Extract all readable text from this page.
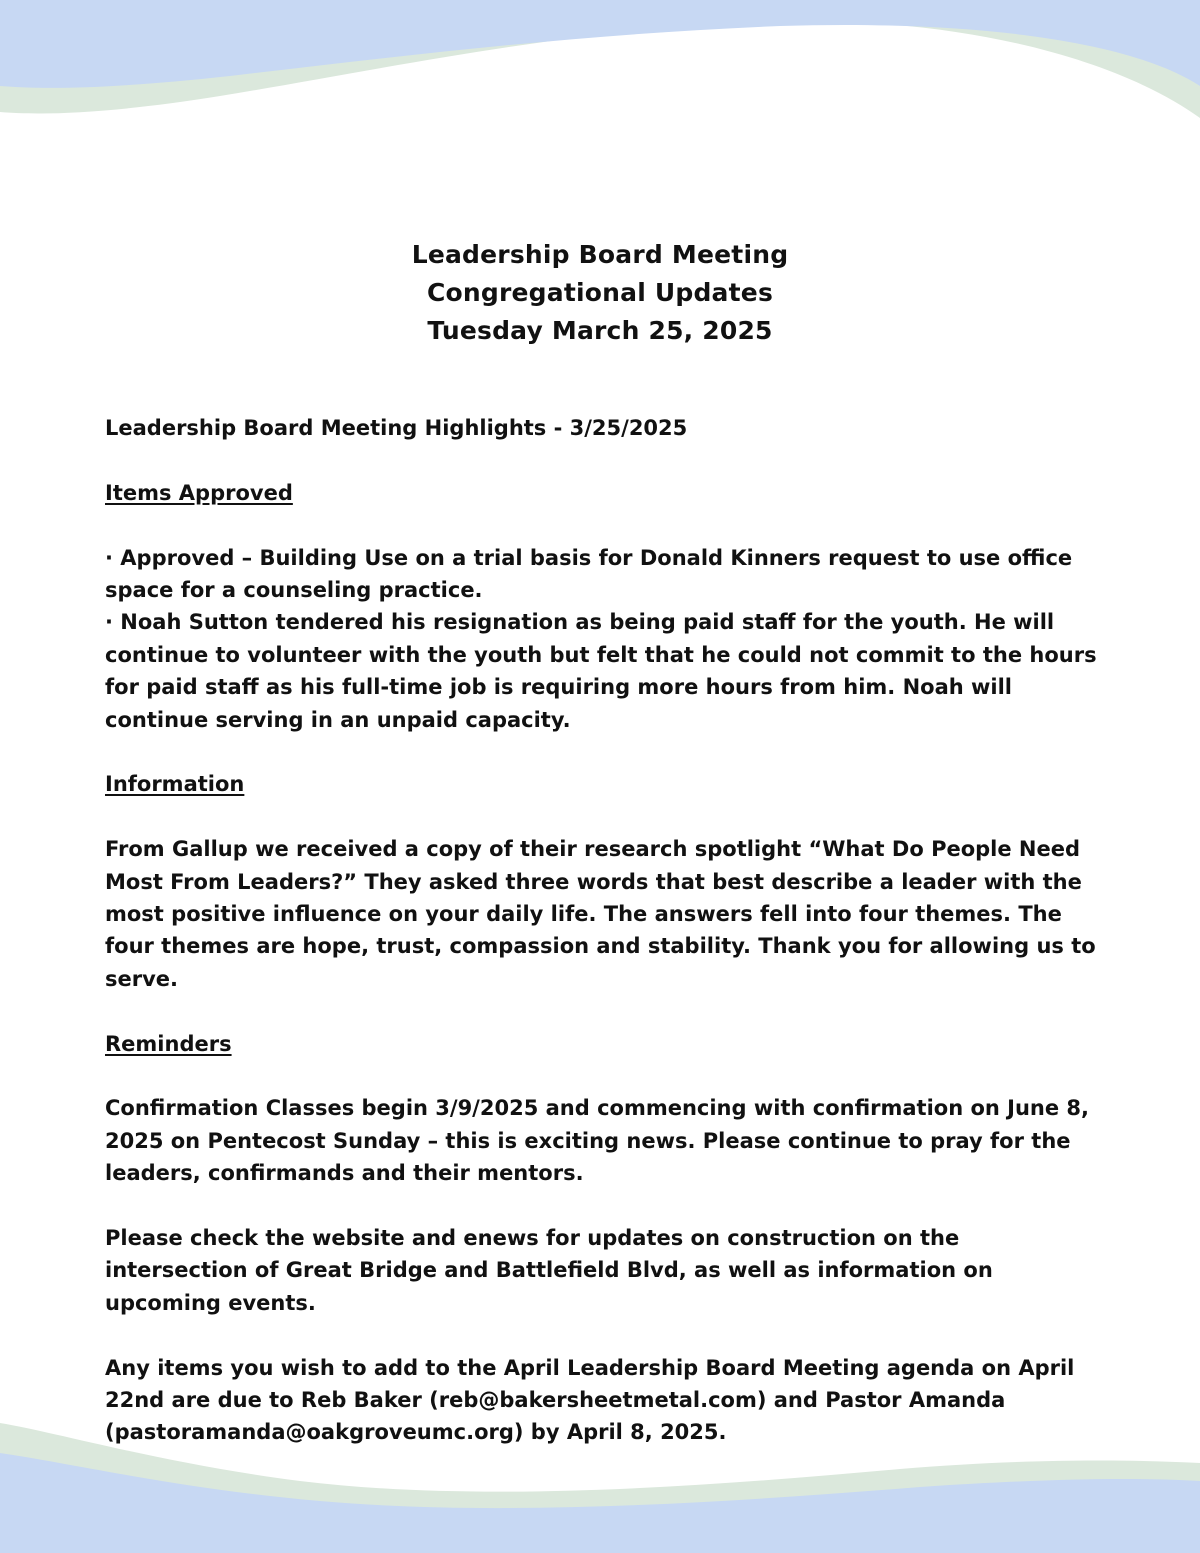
Leadership Board Meeting

Congregational Updates

Tuesday March 25, 2025

Leadership Board Meeting Highlights - 3/25/2025

Items Approved

· Approved – Building Use on a trial basis for Donald Kinners request to use office space for a counseling practice.

· Noah Sutton tendered his resignation as being paid staff for the youth. He will continue to volunteer with the youth but felt that he could not commit to the hours for paid staff as his full-time job is requiring more hours from him. Noah will continue serving in an unpaid capacity.

Information

From Gallup we received a copy of their research spotlight “What Do People Need Most From Leaders?” They asked three words that best describe a leader with the most positive influence on your daily life. The answers fell into four themes. The four themes are hope, trust, compassion and stability. Thank you for allowing us to serve.

Reminders

Confirmation Classes begin 3/9/2025 and commencing with confirmation on June 8, 2025 on Pentecost Sunday – this is exciting news. Please continue to pray for the leaders, confirmands and their mentors.

Please check the website and enews for updates on construction on the intersection of Great Bridge and Battlefield Blvd, as well as information on upcoming events.

Any items you wish to add to the April Leadership Board Meeting agenda on April 22nd are due to Reb Baker (reb@bakersheetmetal.com) and Pastor Amanda (pastoramanda@oakgroveumc.org) by April 8, 2025.
